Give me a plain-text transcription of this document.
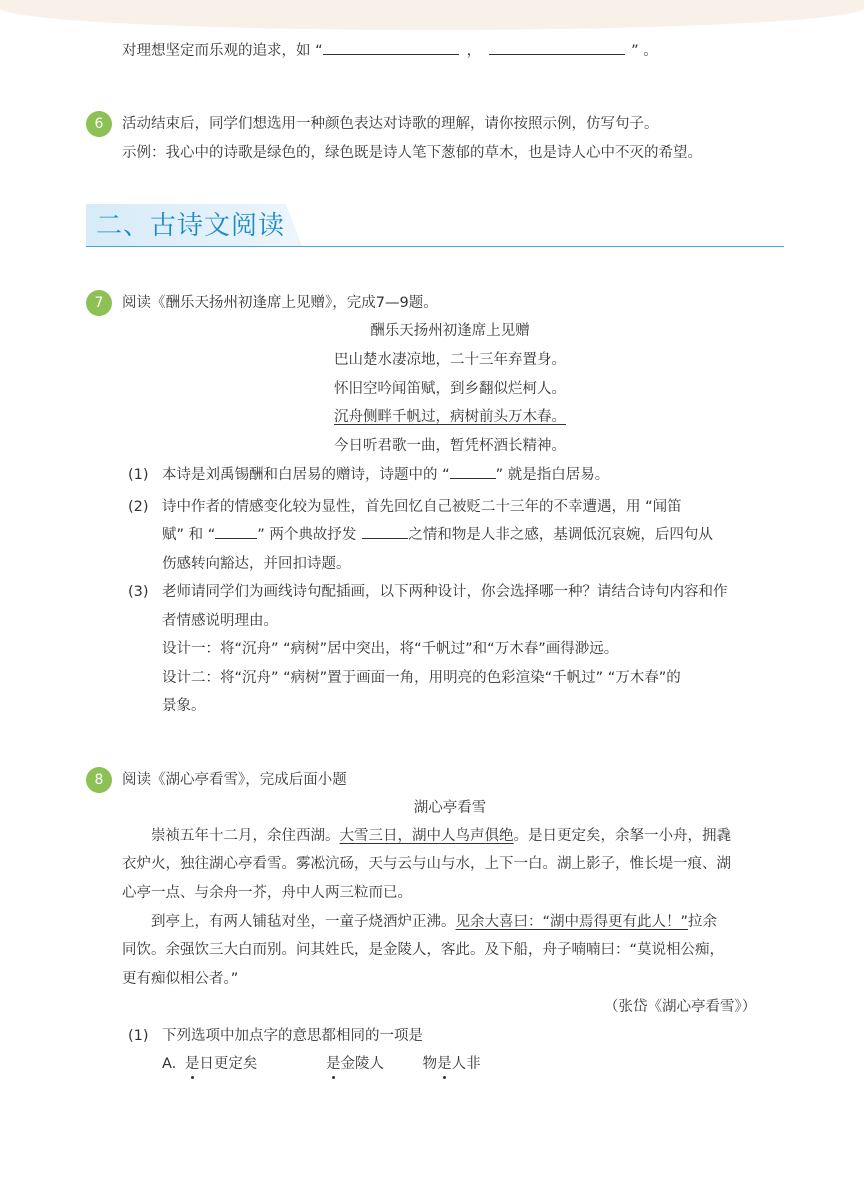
对理想坚定而乐观的追求，如 “	，	” 。
6	活动结束后，同学们想选用一种颜色表达对诗歌的理解，请你按照示例，仿写句子。
示例：我心中的诗歌是绿色的，绿色既是诗人笔下葱郁的草木，也是诗人心中不灭的希望。
二、古诗文阅读
7	阅读《酬乐天扬州初逢席上见赠》，完成7—9题。
酬乐天扬州初逢席上见赠
巴山楚水凄凉地，二十三年弃置身。
怀旧空吟闻笛赋，到乡翻似烂柯人。
沉舟侧畔千帆过，病树前头万木春。
今日听君歌一曲，暂凭杯酒长精神。
(1) 本诗是刘禹锡酬和白居易的赠诗，诗题中的 “	” 就是指白居易。
(2) 诗中作者的情感变化较为显性，首先回忆自己被贬二十三年的不幸遭遇，用 “闻笛
赋” 和 “	” 两个典故抒发	之情和物是人非之感，基调低沉哀婉，后四句从
伤感转向豁达，并回扣诗题。
(3) 老师请同学们为画线诗句配插画，以下两种设计，你会选择哪一种？请结合诗句内容和作
者情感说明理由。
设计一：将“沉舟” “病树”居中突出，将“千帆过”和“万木春”画得渺远。
设计二：将“沉舟” “病树”置于画面一角，用明亮的色彩渲染“千帆过” “万木春”的
景象。
8	阅读《湖心亭看雪》，完成后面小题
湖心亭看雪
崇祯五年十二月，余住西湖。大雪三日，湖中人鸟声俱绝。是日更定矣，余拏一小舟，拥毳
衣炉火，独往湖心亭看雪。雾凇沆砀，天与云与山与水，上下一白。湖上影子，惟长堤一痕、湖
心亭一点、与余舟一芥，舟中人两三粒而已。
到亭上，有两人铺毡对坐，一童子烧酒炉正沸。见余大喜曰：“湖中焉得更有此人！”拉余
同饮。余强饮三大白而别。问其姓氏，是金陵人，客此。及下船，舟子喃喃曰：“莫说相公痴，
更有痴似相公者。”
（张岱《湖心亭看雪》）
(1) 下列选项中加点字的意思都相同的一项是
A. 是日更定矣	是金陵人	物是人非
